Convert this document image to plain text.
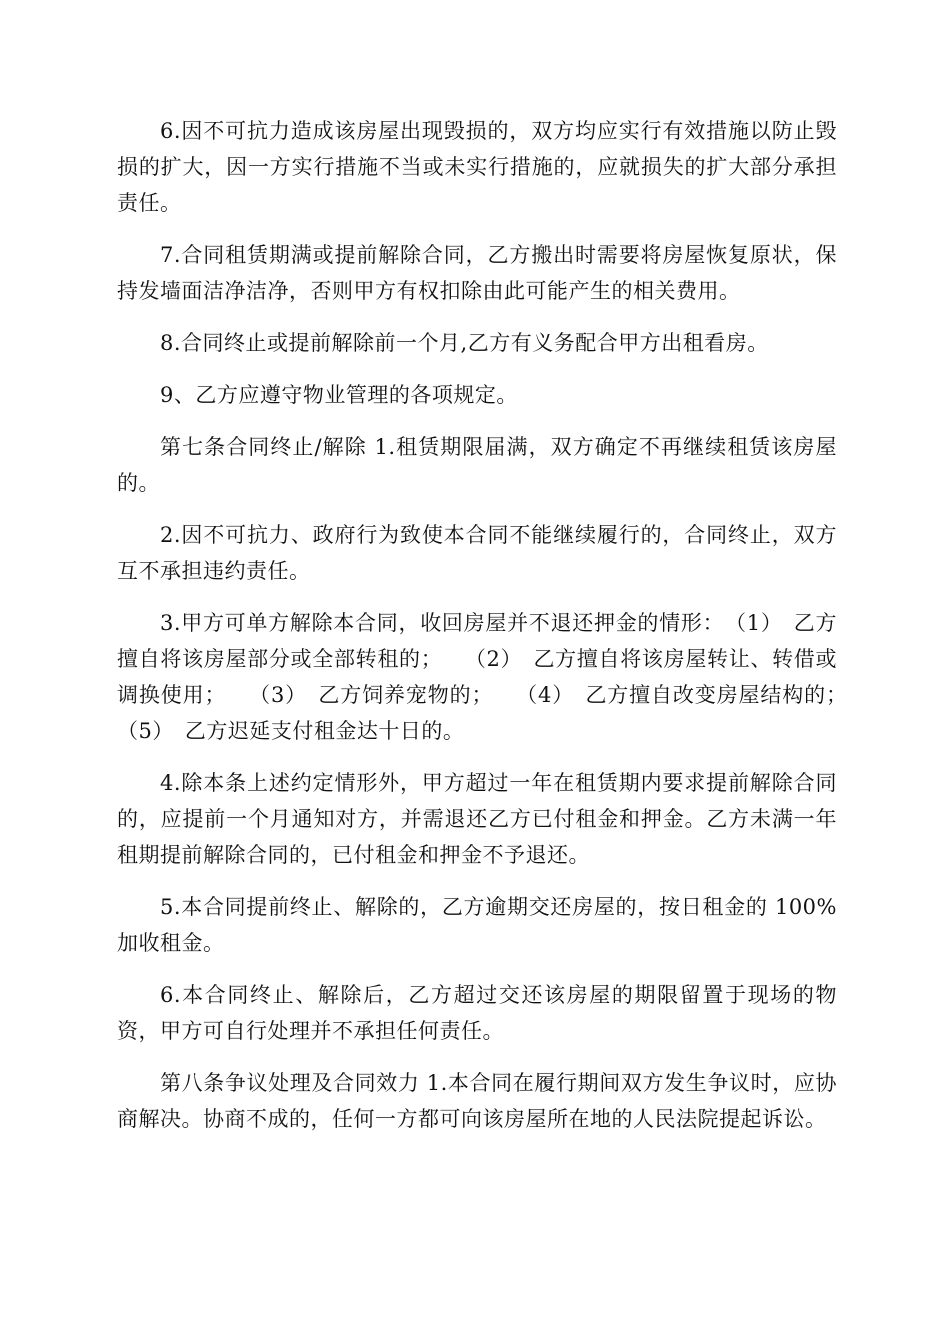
6.因不可抗力造成该房屋出现毁损的，双方均应实行有效措施以防止毁损的扩大，因一方实行措施不当或未实行措施的，应就损失的扩大部分承担责任。

7.合同租赁期满或提前解除合同，乙方搬出时需要将房屋恢复原状，保持发墙面洁净洁净，否则甲方有权扣除由此可能产生的相关费用。

8.合同终止或提前解除前一个月,乙方有义务配合甲方出租看房。

9、乙方应遵守物业管理的各项规定。

第七条合同终止/解除 1.租赁期限届满，双方确定不再继续租赁该房屋的。

2.因不可抗力、政府行为致使本合同不能继续履行的，合同终止，双方互不承担违约责任。

3.甲方可单方解除本合同，收回房屋并不退还押金的情形：　（1）　乙方擅自将该房屋部分或全部转租的；　　（2）　乙方擅自将该房屋转让、转借或调换使用；　　（3）　乙方饲养宠物的；　　（4）　乙方擅自改变房屋结构的；　　（5）　乙方迟延支付租金达十日的。

4.除本条上述约定情形外，甲方超过一年在租赁期内要求提前解除合同的，应提前一个月通知对方，并需退还乙方已付租金和押金。乙方未满一年租期提前解除合同的，已付租金和押金不予退还。

5.本合同提前终止、解除的，乙方逾期交还房屋的，按日租金的 100%加收租金。

6.本合同终止、解除后，乙方超过交还该房屋的期限留置于现场的物资，甲方可自行处理并不承担任何责任。

第八条争议处理及合同效力 1.本合同在履行期间双方发生争议时，应协商解决。协商不成的，任何一方都可向该房屋所在地的人民法院提起诉讼。
